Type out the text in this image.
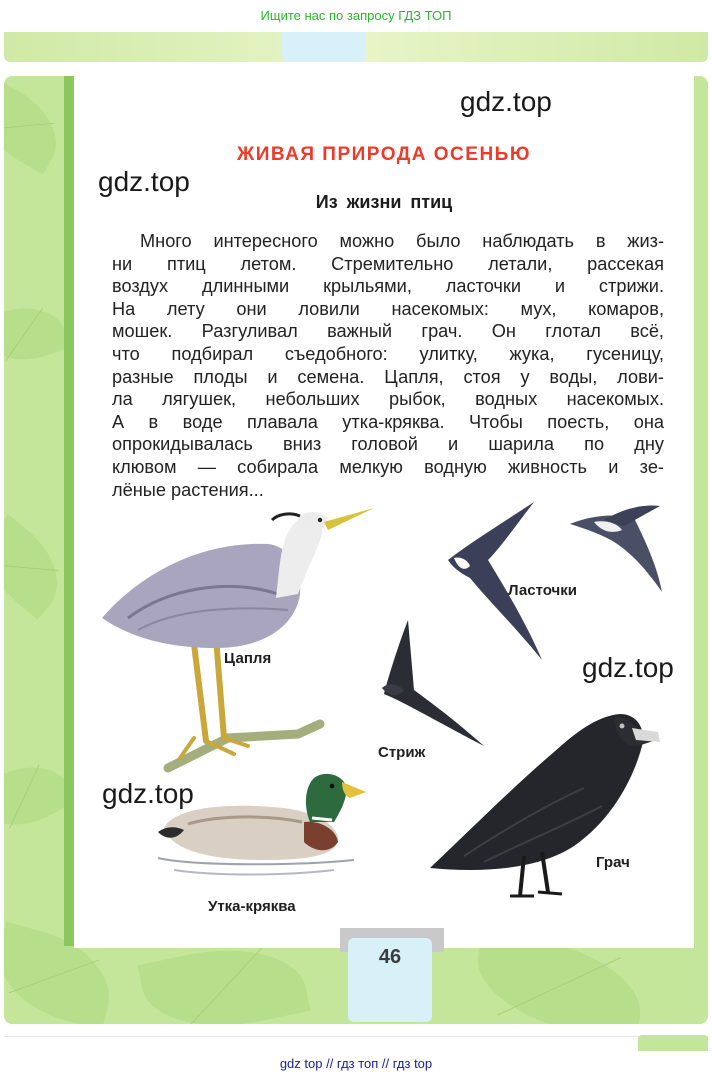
Ищите нас по запросу ГДЗ ТОП
gdz.top
gdz.top
ЖИВАЯ ПРИРОДА ОСЕНЬЮ
Из жизни птиц
Много интересного можно было наблюдать в жиз-
ни птиц летом. Стремительно летали, рассекая
воздух длинными крыльями, ласточки и стрижи.
На лету они ловили насекомых: мух, комаров,
мошек. Разгуливал важный грач. Он глотал всё,
что подбирал съедобного: улитку, жука, гусеницу,
разные плоды и семена. Цапля, стоя у воды, лови-
ла лягушек, небольших рыбок, водных насекомых.
А в воде плавала утка-кряква. Чтобы поесть, она
опрокидывалась вниз головой и шарила по дну
клювом — собирала мелкую водную живность и зе-
лёные растения...
Цапля
Ласточки
gdz.top
Стриж
Грач
gdz.top
Утка-кряква
46
gdz top // гдз топ // гдз top
